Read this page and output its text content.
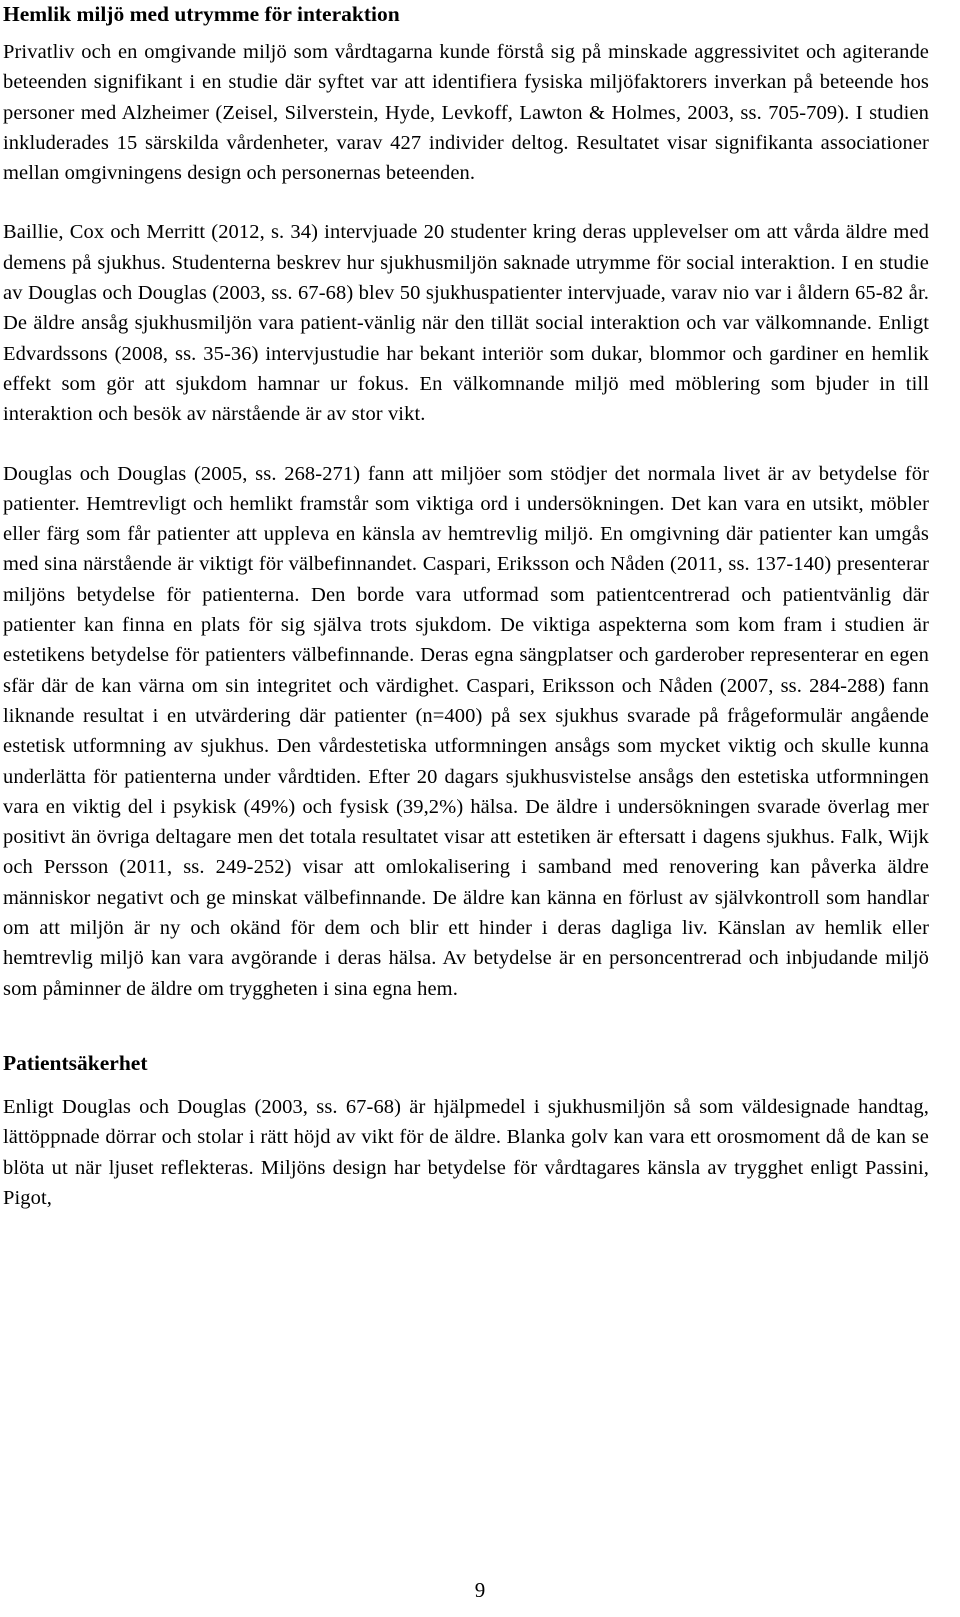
Hemlik miljö med utrymme för interaktion

Privatliv och en omgivande miljö som vårdtagarna kunde förstå sig på minskade aggressivitet och agiterande beteenden signifikant i en studie där syftet var att identifiera fysiska miljöfaktorers inverkan på beteende hos personer med Alzheimer (Zeisel, Silverstein, Hyde, Levkoff, Lawton & Holmes, 2003, ss. 705-709). I studien inkluderades 15 särskilda vårdenheter, varav 427 individer deltog. Resultatet visar signifikanta associationer mellan omgivningens design och personernas beteenden.

Baillie, Cox och Merritt (2012, s. 34) intervjuade 20 studenter kring deras upplevelser om att vårda äldre med demens på sjukhus. Studenterna beskrev hur sjukhusmiljön saknade utrymme för social interaktion. I en studie av Douglas och Douglas (2003, ss. 67-68) blev 50 sjukhuspatienter intervjuade, varav nio var i åldern 65-82 år. De äldre ansåg sjukhusmiljön vara patient-vänlig när den tillät social interaktion och var välkomnande. Enligt Edvardssons (2008, ss. 35-36) intervjustudie har bekant interiör som dukar, blommor och gardiner en hemlik effekt som gör att sjukdom hamnar ur fokus. En välkomnande miljö med möblering som bjuder in till interaktion och besök av närstående är av stor vikt.

Douglas och Douglas (2005, ss. 268-271) fann att miljöer som stödjer det normala livet är av betydelse för patienter. Hemtrevligt och hemlikt framstår som viktiga ord i undersökningen. Det kan vara en utsikt, möbler eller färg som får patienter att uppleva en känsla av hemtrevlig miljö. En omgivning där patienter kan umgås med sina närstående är viktigt för välbefinnandet. Caspari, Eriksson och Nåden (2011, ss. 137-140) presenterar miljöns betydelse för patienterna. Den borde vara utformad som patientcentrerad och patientvänlig där patienter kan finna en plats för sig själva trots sjukdom. De viktiga aspekterna som kom fram i studien är estetikens betydelse för patienters välbefinnande. Deras egna sängplatser och garderober representerar en egen sfär där de kan värna om sin integritet och värdighet. Caspari, Eriksson och Nåden (2007, ss. 284-288) fann liknande resultat i en utvärdering där patienter (n=400) på sex sjukhus svarade på frågeformulär angående estetisk utformning av sjukhus. Den vårdestetiska utformningen ansågs som mycket viktig och skulle kunna underlätta för patienterna under vårdtiden. Efter 20 dagars sjukhusvistelse ansågs den estetiska utformningen vara en viktig del i psykisk (49%) och fysisk (39,2%) hälsa. De äldre i undersökningen svarade överlag mer positivt än övriga deltagare men det totala resultatet visar att estetiken är eftersatt i dagens sjukhus. Falk, Wijk och Persson (2011, ss. 249-252) visar att omlokalisering i samband med renovering kan påverka äldre människor negativt och ge minskat välbefinnande. De äldre kan känna en förlust av självkontroll som handlar om att miljön är ny och okänd för dem och blir ett hinder i deras dagliga liv. Känslan av hemlik eller hemtrevlig miljö kan vara avgörande i deras hälsa. Av betydelse är en personcentrerad och inbjudande miljö som påminner de äldre om tryggheten i sina egna hem.

Patientsäkerhet

Enligt Douglas och Douglas (2003, ss. 67-68) är hjälpmedel i sjukhusmiljön så som väldesignade handtag, lättöppnade dörrar och stolar i rätt höjd av vikt för de äldre. Blanka golv kan vara ett orosmoment då de kan se blöta ut när ljuset reflekteras. Miljöns design har betydelse för vårdtagares känsla av trygghet enligt Passini, Pigot,

9
